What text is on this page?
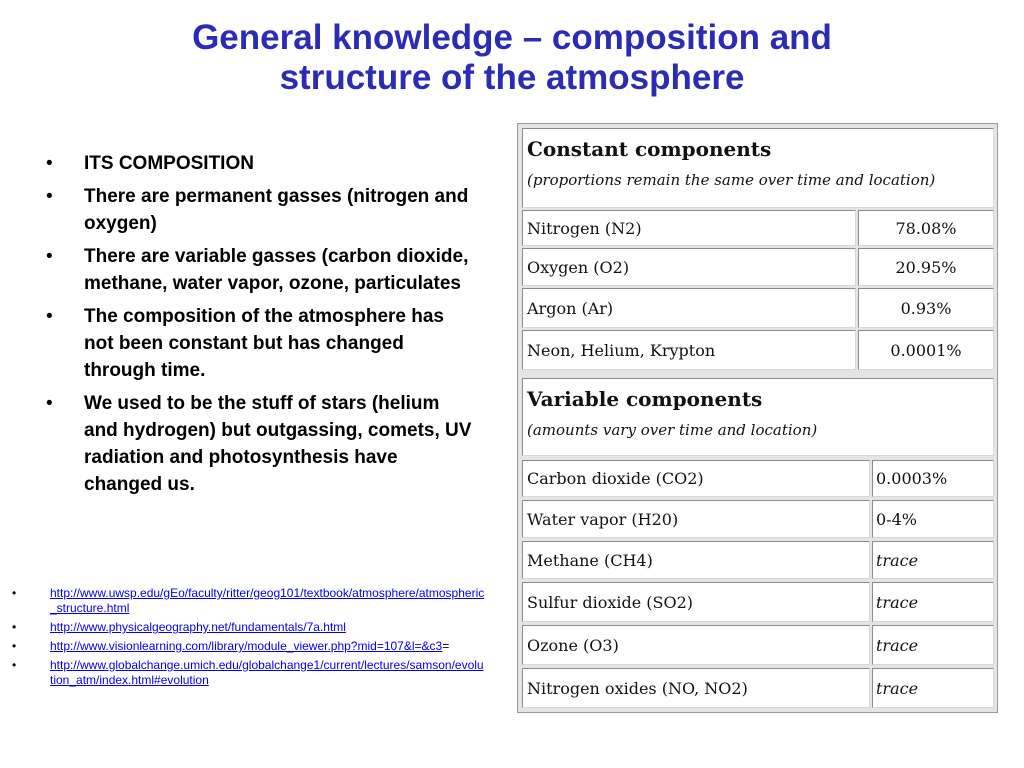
General knowledge – composition and
structure of the atmosphere
• ITS COMPOSITION
• There are permanent gasses (nitrogen and oxygen)
• There are variable gasses (carbon dioxide, methane, water vapor, ozone, particulates
• The composition of the atmosphere has not been constant but has changed through time.
• We used to be the stuff of stars (helium and hydrogen) but outgassing, comets, UV radiation and photosynthesis have changed us.
• http://www.uwsp.edu/gEo/faculty/ritter/geog101/textbook/atmosphere/atmospheric_structure.html
• http://www.physicalgeography.net/fundamentals/7a.html
• http://www.visionlearning.com/library/module_viewer.php?mid=107&l=&c3=
• http://www.globalchange.umich.edu/globalchange1/current/lectures/samson/evolution_atm/index.html#evolution
Constant components
(proportions remain the same over time and location)
Nitrogen (N2)	78.08%
Oxygen (O2)	20.95%
Argon (Ar)	0.93%
Neon, Helium, Krypton	0.0001%
Variable components
(amounts vary over time and location)
Carbon dioxide (CO2)	0.0003%
Water vapor (H20)	0-4%
Methane (CH4)	trace
Sulfur dioxide (SO2)	trace
Ozone (O3)	trace
Nitrogen oxides (NO, NO2)	trace
